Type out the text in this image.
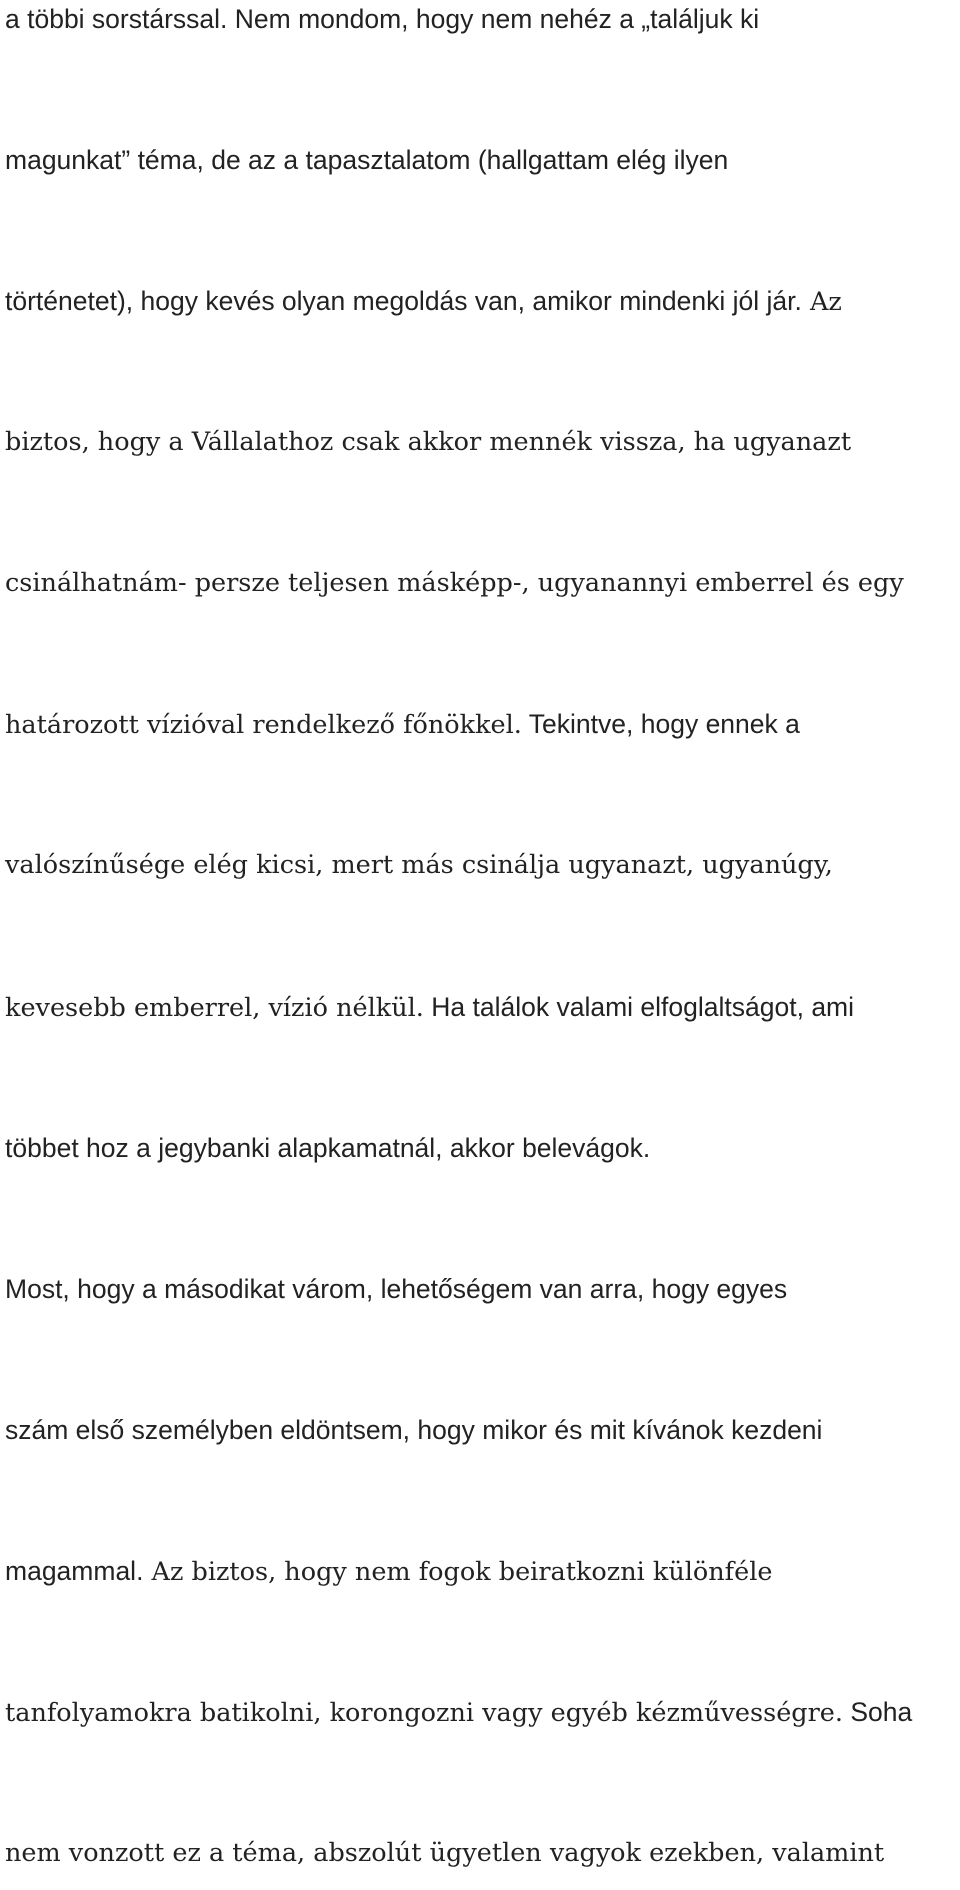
a többi sorstárssal. Nem mondom, hogy nem nehéz a „találjuk ki

magunkat” téma, de az a tapasztalatom (hallgattam elég ilyen

történetet), hogy kevés olyan megoldás van, amikor mindenki jól jár. Az

biztos, hogy a Vállalathoz csak akkor mennék vissza, ha ugyanazt

csinálhatnám- persze teljesen másképp-, ugyanannyi emberrel és egy

határozott vízióval rendelkező főnökkel. Tekintve, hogy ennek a

valószínűsége elég kicsi, mert más csinálja ugyanazt, ugyanúgy,

kevesebb emberrel, vízió nélkül. Ha találok valami elfoglaltságot, ami

többet hoz a jegybanki alapkamatnál, akkor belevágok.

Most, hogy a másodikat várom, lehetőségem van arra, hogy egyes

szám első személyben eldöntsem, hogy mikor és mit kívánok kezdeni

magammal. Az biztos, hogy nem fogok beiratkozni különféle

tanfolyamokra batikolni, korongozni vagy egyéb kézművességre. Soha

nem vonzott ez a téma, abszolút ügyetlen vagyok ezekben, valamint
